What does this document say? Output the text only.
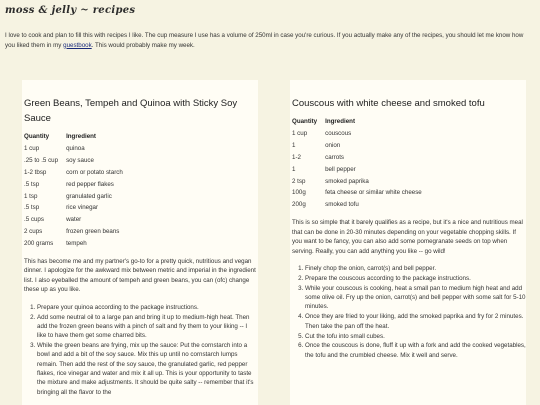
moss & jelly ~ recipes
I love to cook and plan to fill this with recipes I like. The cup measure I use has a volume of 250ml in case you're curious. If you actually make any of the recipes, you should let me know how you liked them in my guestbook. This would probably make my week.
Green Beans, Tempeh and Quinoa with Sticky Soy Sauce
Quantity	Ingredient
1 cup	quinoa
.25 to .5 cup	soy sauce
1-2 tbsp	corn or potato starch
.5 tsp	red pepper flakes
1 tsp	granulated garlic
.5 tsp	rice vinegar
.5 cups	water
2 cups	frozen green beans
200 grams	tempeh

This has become me and my partner's go-to for a pretty quick, nutritious and vegan dinner. I apologize for the awkward mix between metric and imperial in the ingredient list. I also eyeballed the amount of tempeh and green beans, you can (ofc) change these up as you like.

1. Prepare your quinoa according to the package instructions.
2. Add some neutral oil to a large pan and bring it up to medium-high heat. Then add the frozen green beans with a pinch of salt and fry them to your liking -- I like to have them get some charred bits.
3. While the green beans are frying, mix up the sauce: Put the cornstarch into a bowl and add a bit of the soy sauce. Mix this up until no cornstarch lumps remain. Then add the rest of the soy sauce, the granulated garlic, red pepper flakes, rice vinegar and water and mix it all up. This is your opportunity to taste the mixture and make adjustments. It should be quite salty -- remember that it's bringing all the flavor to the
Couscous with white cheese and smoked tofu
Quantity	Ingredient
1 cup	couscous
1	onion
1-2	carrots
1	bell pepper
2 tsp	smoked paprika
100g	feta cheese or similar white cheese
200g	smoked tofu

This is so simple that it barely qualifies as a recipe, but it's a nice and nutritious meal that can be done in 20-30 minutes depending on your vegetable chopping skills. If you want to be fancy, you can also add some pomegranate seeds on top when serving. Really, you can add anything you like -- go wild!

1. Finely chop the onion, carrot(s) and bell pepper.
2. Prepare the couscous according to the package instructions.
3. While your couscous is cooking, heat a small pan to medium high heat and add some olive oil. Fry up the onion, carrot(s) and bell pepper with some salt for 5-10 minutes.
4. Once they are fried to your liking, add the smoked paprika and fry for 2 minutes. Then take the pan off the heat.
5. Cut the tofu into small cubes.
6. Once the couscous is done, fluff it up with a fork and add the cooked vegetables, the tofu and the crumbled cheese. Mix it well and serve.
